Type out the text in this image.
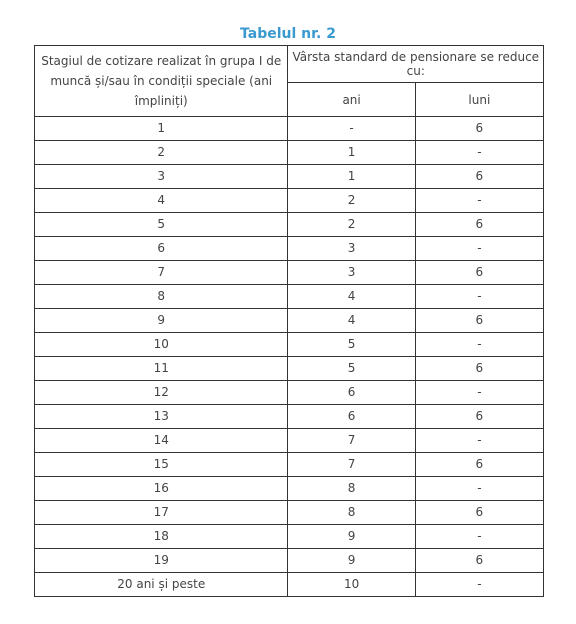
Tabelul nr. 2
Stagiul de cotizare realizat în grupa I de muncă și/sau în condiții speciale (ani împliniți)	Vârsta standard de pensionare se reduce cu:	
	ani	luni
1	-	6
2	1	-
3	1	6
4	2	-
5	2	6
6	3	-
7	3	6
8	4	-
9	4	6
10	5	-
11	5	6
12	6	-
13	6	6
14	7	-
15	7	6
16	8	-
17	8	6
18	9	-
19	9	6
20 ani și peste	10	-
